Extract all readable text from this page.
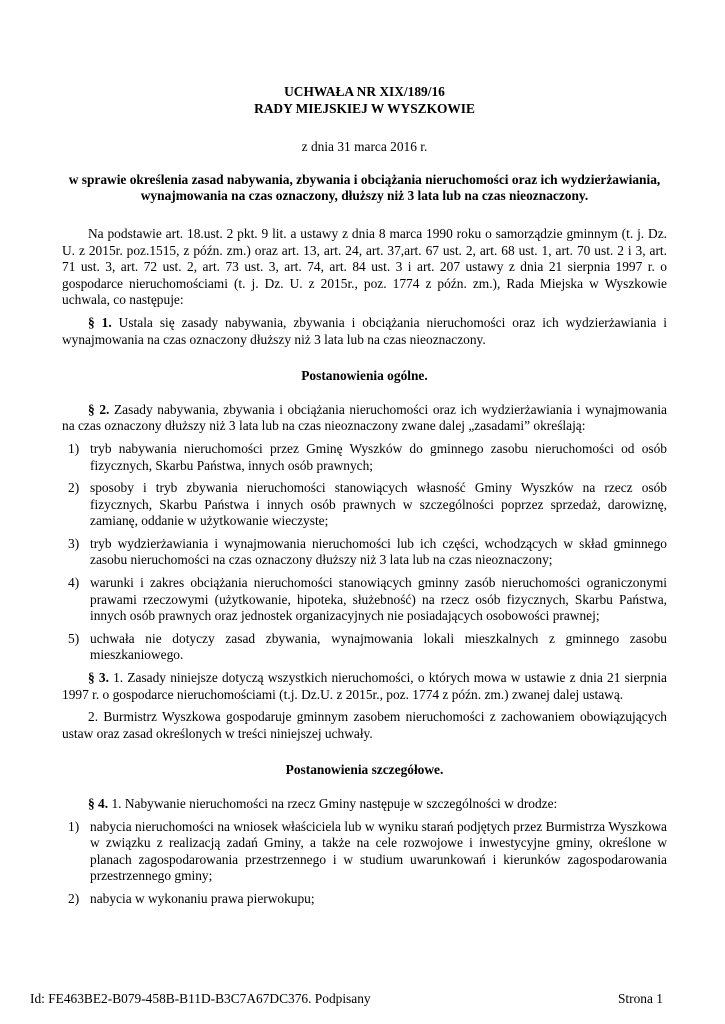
UCHWAŁA NR XIX/189/16
RADY MIEJSKIEJ W WYSZKOWIE
z dnia 31 marca 2016 r.
w sprawie określenia zasad nabywania, zbywania i obciążania nieruchomości oraz ich wydzierżawiania, wynajmowania na czas oznaczony, dłuższy niż 3 lata lub na czas nieoznaczony.
Na podstawie art. 18.ust. 2 pkt. 9 lit. a ustawy z dnia 8 marca 1990 roku o samorządzie gminnym (t. j. Dz. U. z 2015r. poz.1515, z późn. zm.) oraz art. 13, art. 24, art. 37,art. 67 ust. 2, art. 68 ust. 1, art. 70 ust. 2 i 3, art. 71 ust. 3, art. 72 ust. 2, art. 73 ust. 3, art. 74, art. 84 ust. 3 i art. 207 ustawy z dnia 21 sierpnia 1997 r. o gospodarce nieruchomościami (t. j. Dz. U. z 2015r., poz. 1774 z późn. zm.), Rada Miejska w Wyszkowie uchwala, co następuje:
§ 1. Ustala się zasady nabywania, zbywania i obciążania nieruchomości oraz ich wydzierżawiania i wynajmowania na czas oznaczony dłuższy niż 3 lata lub na czas nieoznaczony.
Postanowienia ogólne.
§ 2. Zasady nabywania, zbywania i obciążania nieruchomości oraz ich wydzierżawiania i wynajmowania na czas oznaczony dłuższy niż 3 lata lub na czas nieoznaczony zwane dalej „zasadami” określają:
1) tryb nabywania nieruchomości przez Gminę Wyszków do gminnego zasobu nieruchomości od osób fizycznych, Skarbu Państwa, innych osób prawnych;
2) sposoby i tryb zbywania nieruchomości stanowiących własność Gminy Wyszków na rzecz osób fizycznych, Skarbu Państwa i innych osób prawnych w szczególności poprzez sprzedaż, darowiznę, zamianę, oddanie w użytkowanie wieczyste;
3) tryb wydzierżawiania i wynajmowania nieruchomości lub ich części, wchodzących w skład gminnego zasobu nieruchomości na czas oznaczony dłuższy niż 3 lata lub na czas nieoznaczony;
4) warunki i zakres obciążania nieruchomości stanowiących gminny zasób nieruchomości ograniczonymi prawami rzeczowymi (użytkowanie, hipoteka, służebność) na rzecz osób fizycznych, Skarbu Państwa, innych osób prawnych oraz jednostek organizacyjnych nie posiadających osobowości prawnej;
5) uchwała nie dotyczy zasad zbywania, wynajmowania lokali mieszkalnych z gminnego zasobu mieszkaniowego.
§ 3. 1. Zasady niniejsze dotyczą wszystkich nieruchomości, o których mowa w ustawie z dnia 21 sierpnia 1997 r. o gospodarce nieruchomościami (t.j. Dz.U. z 2015r., poz. 1774 z późn. zm.) zwanej dalej ustawą.
2. Burmistrz Wyszkowa gospodaruje gminnym zasobem nieruchomości z zachowaniem obowiązujących ustaw oraz zasad określonych w treści niniejszej uchwały.
Postanowienia szczegółowe.
§ 4. 1. Nabywanie nieruchomości na rzecz Gminy następuje w szczególności w drodze:
1) nabycia nieruchomości na wniosek właściciela lub w wyniku starań podjętych przez Burmistrza Wyszkowa w związku z realizacją zadań Gminy, a także na cele rozwojowe i inwestycyjne gminy, określone w planach zagospodarowania przestrzennego i w studium uwarunkowań i kierunków zagospodarowania przestrzennego gminy;
2) nabycia w wykonaniu prawa pierwokupu;
Id: FE463BE2-B079-458B-B11D-B3C7A67DC376. Podpisany	Strona 1
